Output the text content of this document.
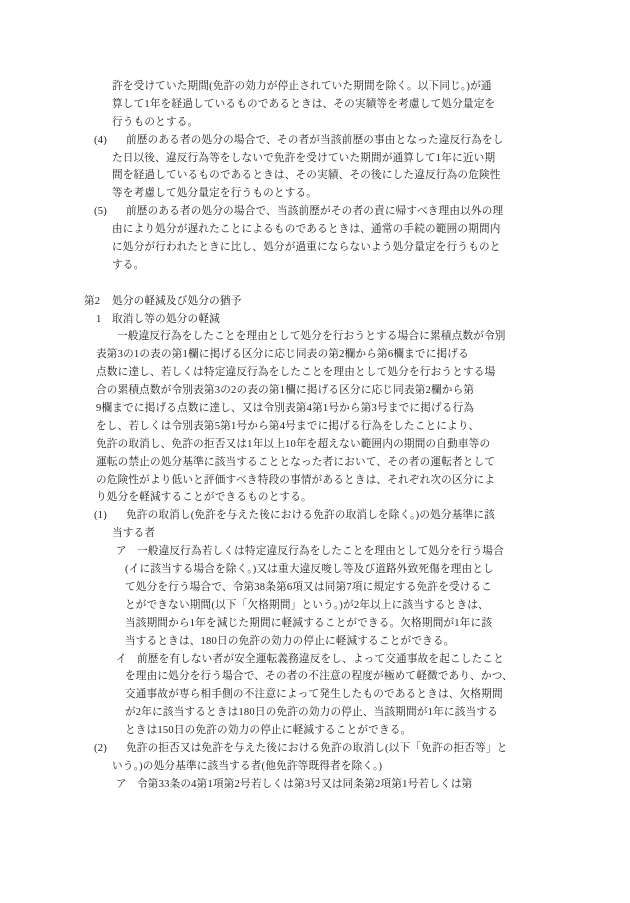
許を受けていた期間(免許の効力が停止されていた期間を除く。以下同じ。)が通
算して1年を経過しているものであるときは、その実績等を考慮して処分量定を
行うものとする。
(4) 前歴のある者の処分の場合で、その者が当該前歴の事由となった違反行為をし
た日以後、違反行為等をしないで免許を受けていた期間が通算して1年に近い期
間を経過しているものであるときは、その実績、その後にした違反行為の危険性
等を考慮して処分量定を行うものとする。
(5) 前歴のある者の処分の場合で、当該前歴がその者の責に帰すべき理由以外の理
由により処分が遅れたことによるものであるときは、通常の手続の範囲の期間内
に処分が行われたときに比し、処分が過重にならないよう処分量定を行うものと
する。
第2 処分の軽減及び処分の猶予
1 取消し等の処分の軽減
一般違反行為をしたことを理由として処分を行おうとする場合に累積点数が令別
表第3の1の表の第1欄に掲げる区分に応じ同表の第2欄から第6欄までに掲げる
点数に達し、若しくは特定違反行為をしたことを理由として処分を行おうとする場
合の累積点数が令別表第3の2の表の第1欄に掲げる区分に応じ同表第2欄から第
9欄までに掲げる点数に達し、又は令別表第4第1号から第3号までに掲げる行為
をし、若しくは令別表第5第1号から第4号までに掲げる行為をしたことにより、
免許の取消し、免許の拒否又は1年以上10年を超えない範囲内の期間の自動車等の
運転の禁止の処分基準に該当することとなった者において、その者の運転者として
の危険性がより低いと評価すべき特段の事情があるときは、それぞれ次の区分によ
り処分を軽減することができるものとする。
(1) 免許の取消し(免許を与えた後における免許の取消しを除く。)の処分基準に該
当する者
ア 一般違反行為若しくは特定違反行為をしたことを理由として処分を行う場合
(イに該当する場合を除く。)又は重大違反唆し等及び道路外致死傷を理由とし
て処分を行う場合で、令第38条第6項又は同第7項に規定する免許を受けるこ
とができない期間(以下「欠格期間」という。)が2年以上に該当するときは、
当該期間から1年を減じた期間に軽減することができる。欠格期間が1年に該
当するときは、180日の免許の効力の停止に軽減することができる。
イ 前歴を有しない者が安全運転義務違反をし、よって交通事故を起こしたこと
を理由に処分を行う場合で、その者の不注意の程度が極めて軽微であり、かつ、
交通事故が専ら相手側の不注意によって発生したものであるときは、欠格期間
が2年に該当するときは180日の免許の効力の停止、当該期間が1年に該当する
ときは150日の免許の効力の停止に軽減することができる。
(2) 免許の拒否又は免許を与えた後における免許の取消し(以下「免許の拒否等」と
いう。)の処分基準に該当する者(他免許等既得者を除く。)
ア 令第33条の4第1項第2号若しくは第3号又は同条第2項第1号若しくは第
